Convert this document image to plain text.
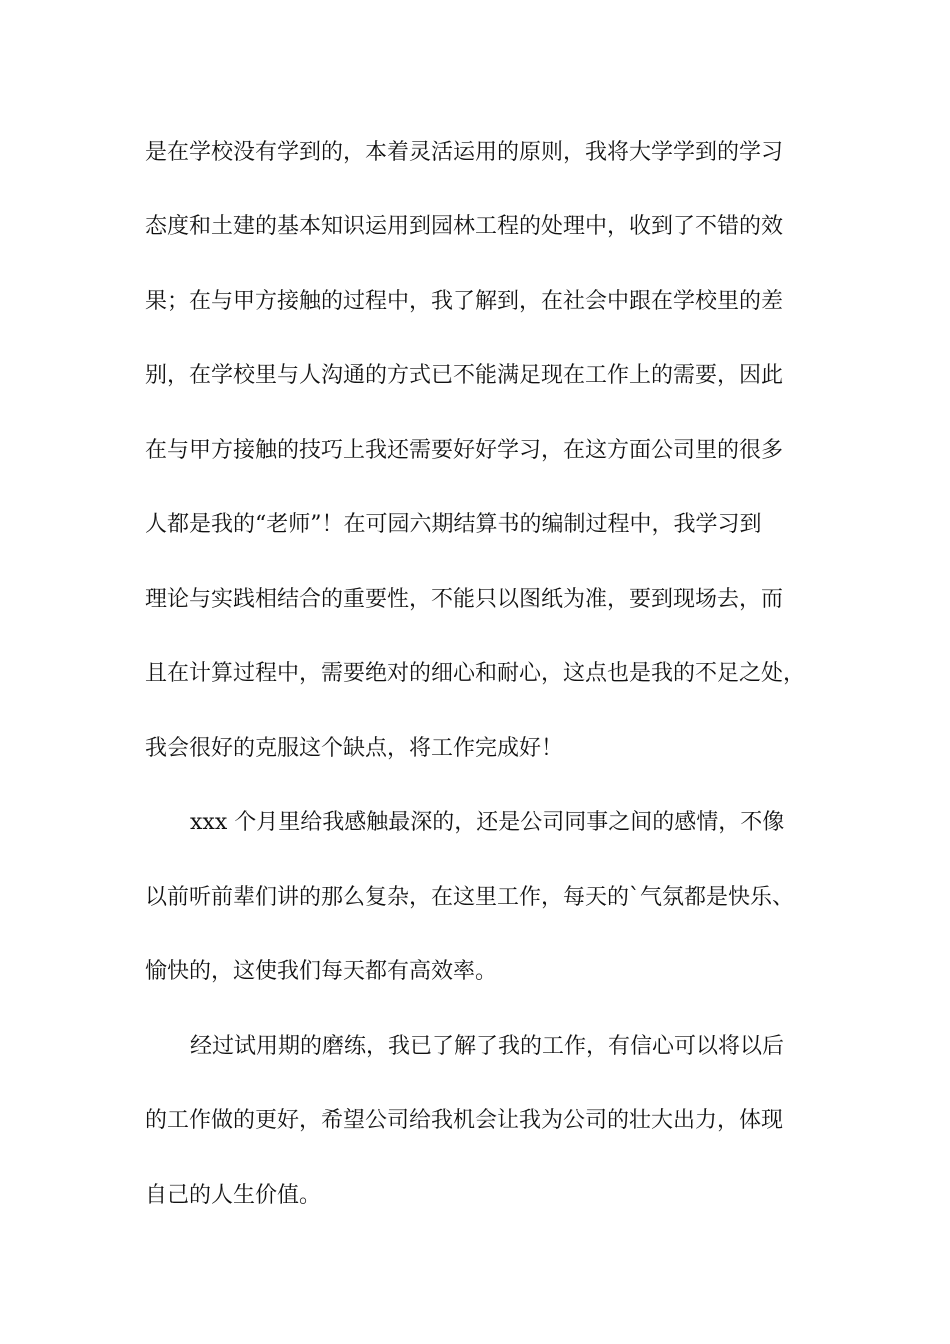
是在学校没有学到的，本着灵活运用的原则，我将大学学到的学习
态度和土建的基本知识运用到园林工程的处理中，收到了不错的效
果；在与甲方接触的过程中，我了解到，在社会中跟在学校里的差
别，在学校里与人沟通的方式已不能满足现在工作上的需要，因此
在与甲方接触的技巧上我还需要好好学习，在这方面公司里的很多
人都是我的“老师”！在可园六期结算书的编制过程中，我学习到
理论与实践相结合的重要性，不能只以图纸为准，要到现场去，而
且在计算过程中，需要绝对的细心和耐心，这点也是我的不足之处，
我会很好的克服这个缺点，将工作完成好！
xxx 个月里给我感触最深的，还是公司同事之间的感情，不像
以前听前辈们讲的那么复杂，在这里工作，每天的`气氛都是快乐、
愉快的，这使我们每天都有高效率。
经过试用期的磨练，我已了解了我的工作，有信心可以将以后
的工作做的更好，希望公司给我机会让我为公司的壮大出力，体现
自己的人生价值。
